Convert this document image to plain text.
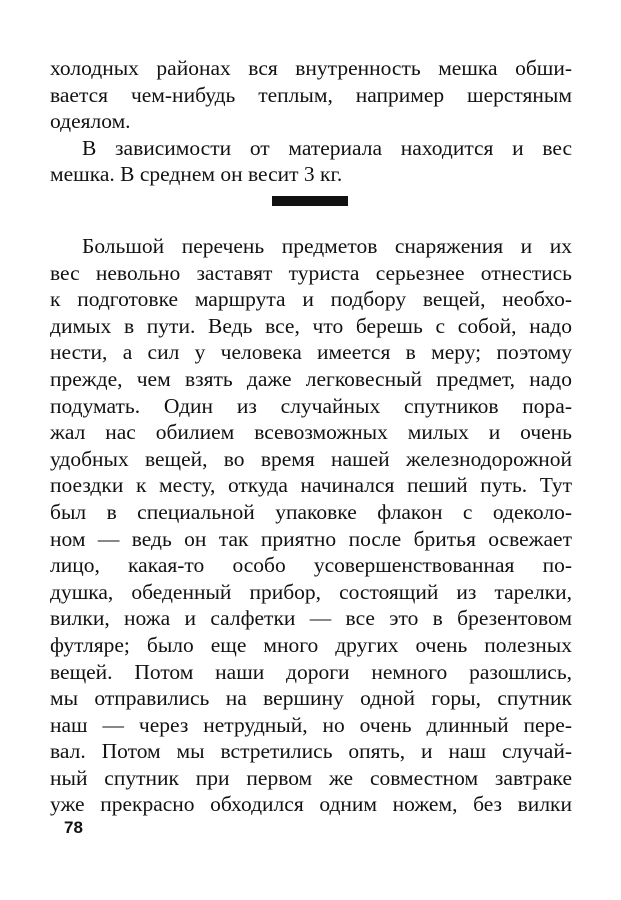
холодных районах вся внутренность мешка обши-
вается чем-нибудь теплым, например шерстяным
одеялом.
В зависимости от материала находится и вес
мешка. В среднем он весит 3 кг.
Большой перечень предметов снаряжения и их
вес невольно заставят туриста серьезнее отнестись
к подготовке маршрута и подбору вещей, необхо-
димых в пути. Ведь все, что берешь с собой, надо
нести, а сил у человека имеется в меру; поэтому
прежде, чем взять даже легковесный предмет, надо
подумать. Один из случайных спутников пора-
жал нас обилием всевозможных милых и очень
удобных вещей, во время нашей железнодорожной
поездки к месту, откуда начинался пеший путь. Тут
был в специальной упаковке флакон с одеколо-
ном — ведь он так приятно после бритья освежает
лицо, какая-то особо усовершенствованная по-
душка, обеденный прибор, состоящий из тарелки,
вилки, ножа и салфетки — все это в брезентовом
футляре; было еще много других очень полезных
вещей. Потом наши дороги немного разошлись,
мы отправились на вершину одной горы, спутник
наш — через нетрудный, но очень длинный пере-
вал. Потом мы встретились опять, и наш случай-
ный спутник при первом же совместном завтраке
уже прекрасно обходился одним ножем, без вилки
78
